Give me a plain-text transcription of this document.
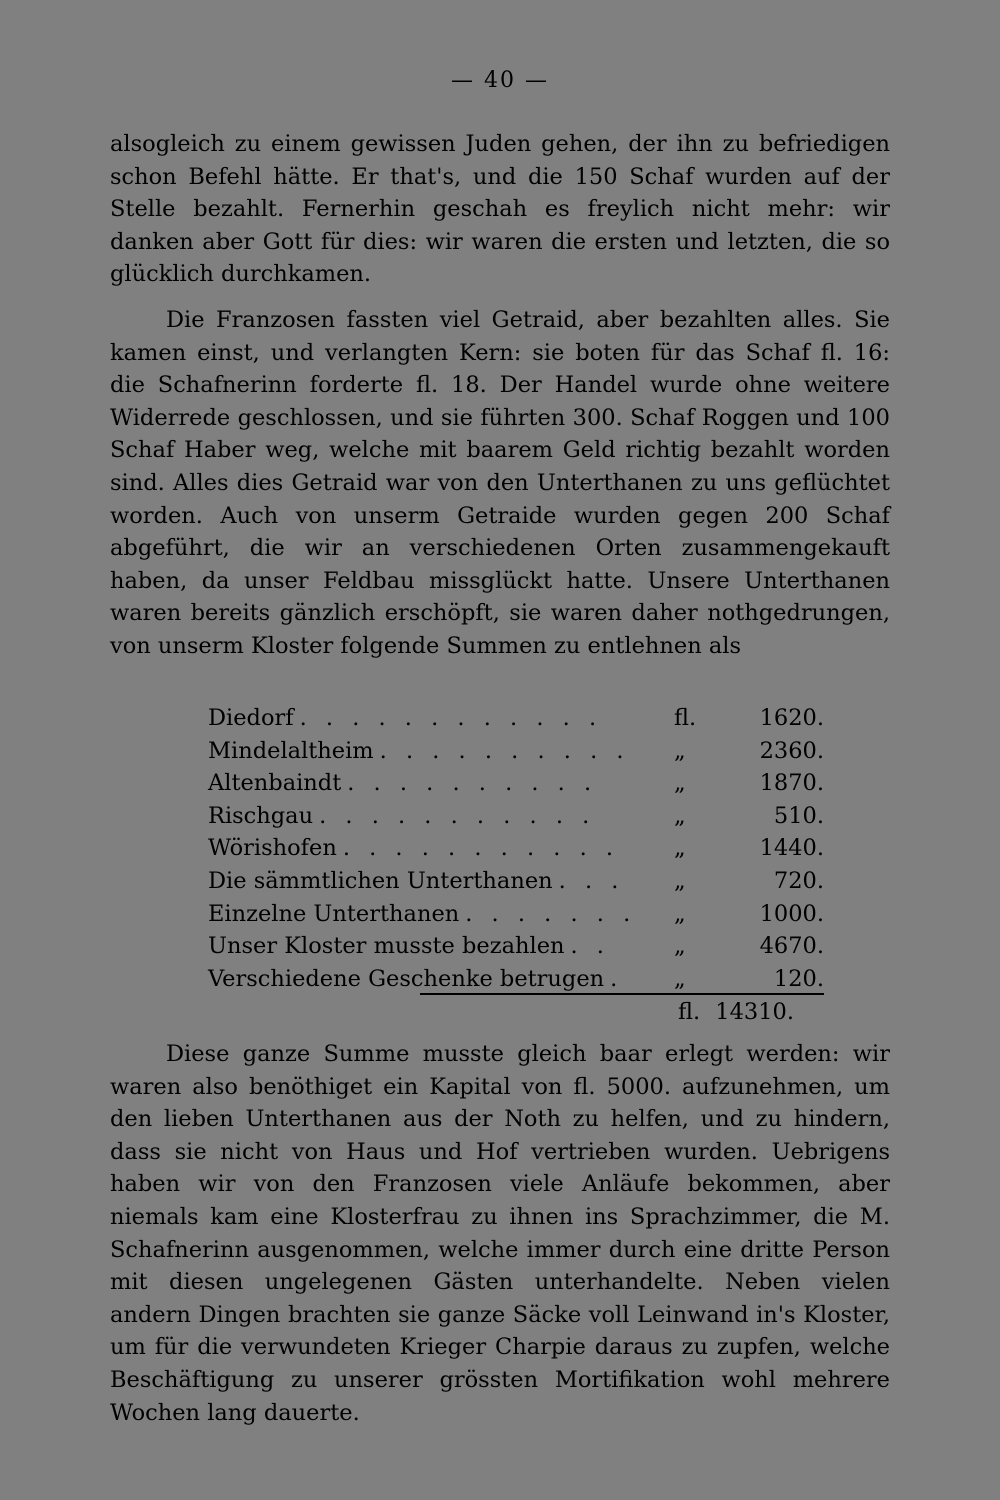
— 40 —

alsogleich zu einem gewissen Juden gehen, der ihn zu befriedigen schon Befehl hätte. Er that's, und die 150 Schaf wurden auf der Stelle bezahlt. Fernerhin geschah es freylich nicht mehr: wir danken aber Gott für dies: wir waren die ersten und letzten, die so glücklich durchkamen.

Die Franzosen fassten viel Getraid, aber bezahlten alles. Sie kamen einst, und verlangten Kern: sie boten für das Schaf fl. 16: die Schafnerinn forderte fl. 18. Der Handel wurde ohne weitere Widerrede geschlossen, und sie führten 300. Schaf Roggen und 100 Schaf Haber weg, welche mit baarem Geld richtig bezahlt worden sind. Alles dies Getraid war von den Unterthanen zu uns geflüchtet worden. Auch von unserm Getraide wurden gegen 200 Schaf abgeführt, die wir an verschiedenen Orten zusammengekauft haben, da unser Feldbau missglückt hatte. Unsere Unterthanen waren bereits gänzlich erschöpft, sie waren daher nothgedrungen, von unserm Kloster folgende Summen zu entlehnen als

Diedorf . . . . . . . . . . . .	fl.	1620.
Mindelaltheim . . . . . . . . . .	„	2360.
Altenbaindt . . . . . . . . . .	„	1870.
Rischgau . . . . . . . . . . .	„	510.
Wörishofen . . . . . . . . . . .	„	1440.
Die sämmtlichen Unterthanen . . .	„	720.
Einzelne Unterthanen . . . . . . .	„	1000.
Unser Kloster musste bezahlen . .	„	4670.
Verschiedene Geschenke betrugen .	„	120.
fl. 14310.

Diese ganze Summe musste gleich baar erlegt werden: wir waren also benöthiget ein Kapital von fl. 5000. aufzunehmen, um den lieben Unterthanen aus der Noth zu helfen, und zu hindern, dass sie nicht von Haus und Hof vertrieben wurden. Uebrigens haben wir von den Franzosen viele Anläufe bekommen, aber niemals kam eine Klosterfrau zu ihnen ins Sprachzimmer, die M. Schafnerinn ausgenommen, welche immer durch eine dritte Person mit diesen ungelegenen Gästen unterhandelte. Neben vielen andern Dingen brachten sie ganze Säcke voll Leinwand in's Kloster, um für die verwundeten Krieger Charpie daraus zu zupfen, welche Beschäftigung zu unserer grössten Mortifikation wohl mehrere Wochen lang dauerte.
